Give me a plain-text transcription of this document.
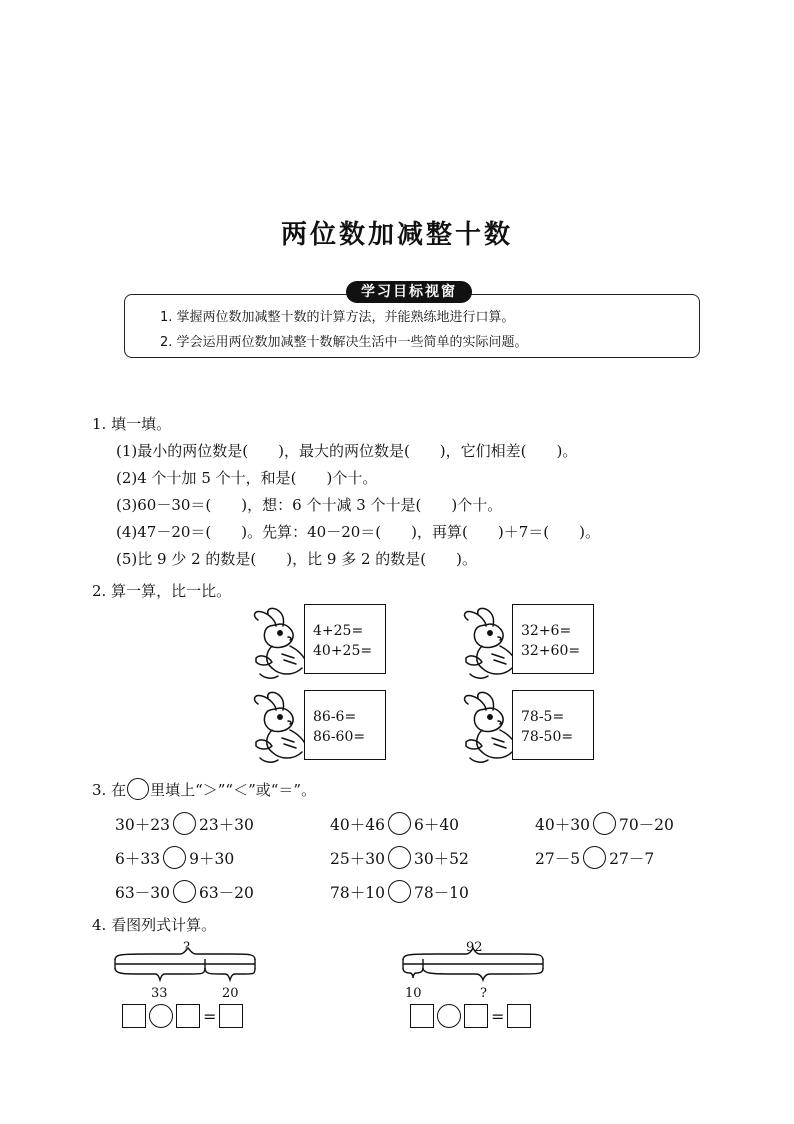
两位数加减整十数
学习目标视窗
1. 掌握两位数加减整十数的计算方法，并能熟练地进行口算。
2. 学会运用两位数加减整十数解决生活中一些简单的实际问题。
1. 填一填。
(1)最小的两位数是(　　)，最大的两位数是(　　)，它们相差(　　)。
(2)4 个十加 5 个十，和是(　　)个十。
(3)60－30＝(　　)，想：6 个十减 3 个十是(　　)个十。
(4)47－20＝(　　)。先算：40－20＝(　　)，再算(　　)＋7＝(　　)。
(5)比 9 少 2 的数是(　　)，比 9 多 2 的数是(　　)。
2. 算一算，比一比。
4+25=
40+25=
32+6=
32+60=
86-6=
86-60=
78-5=
78-50=
3. 在 里填上“＞”“＜”或“＝”。
30＋23 23＋30	40＋46 6＋40	40＋30 70－20
6＋33 9＋30	25＋30 30＋52	27－5 27－7
63－30 63－20	78＋10 78－10
4. 看图列式计算。
?
33	20
=
92
10	?
=
